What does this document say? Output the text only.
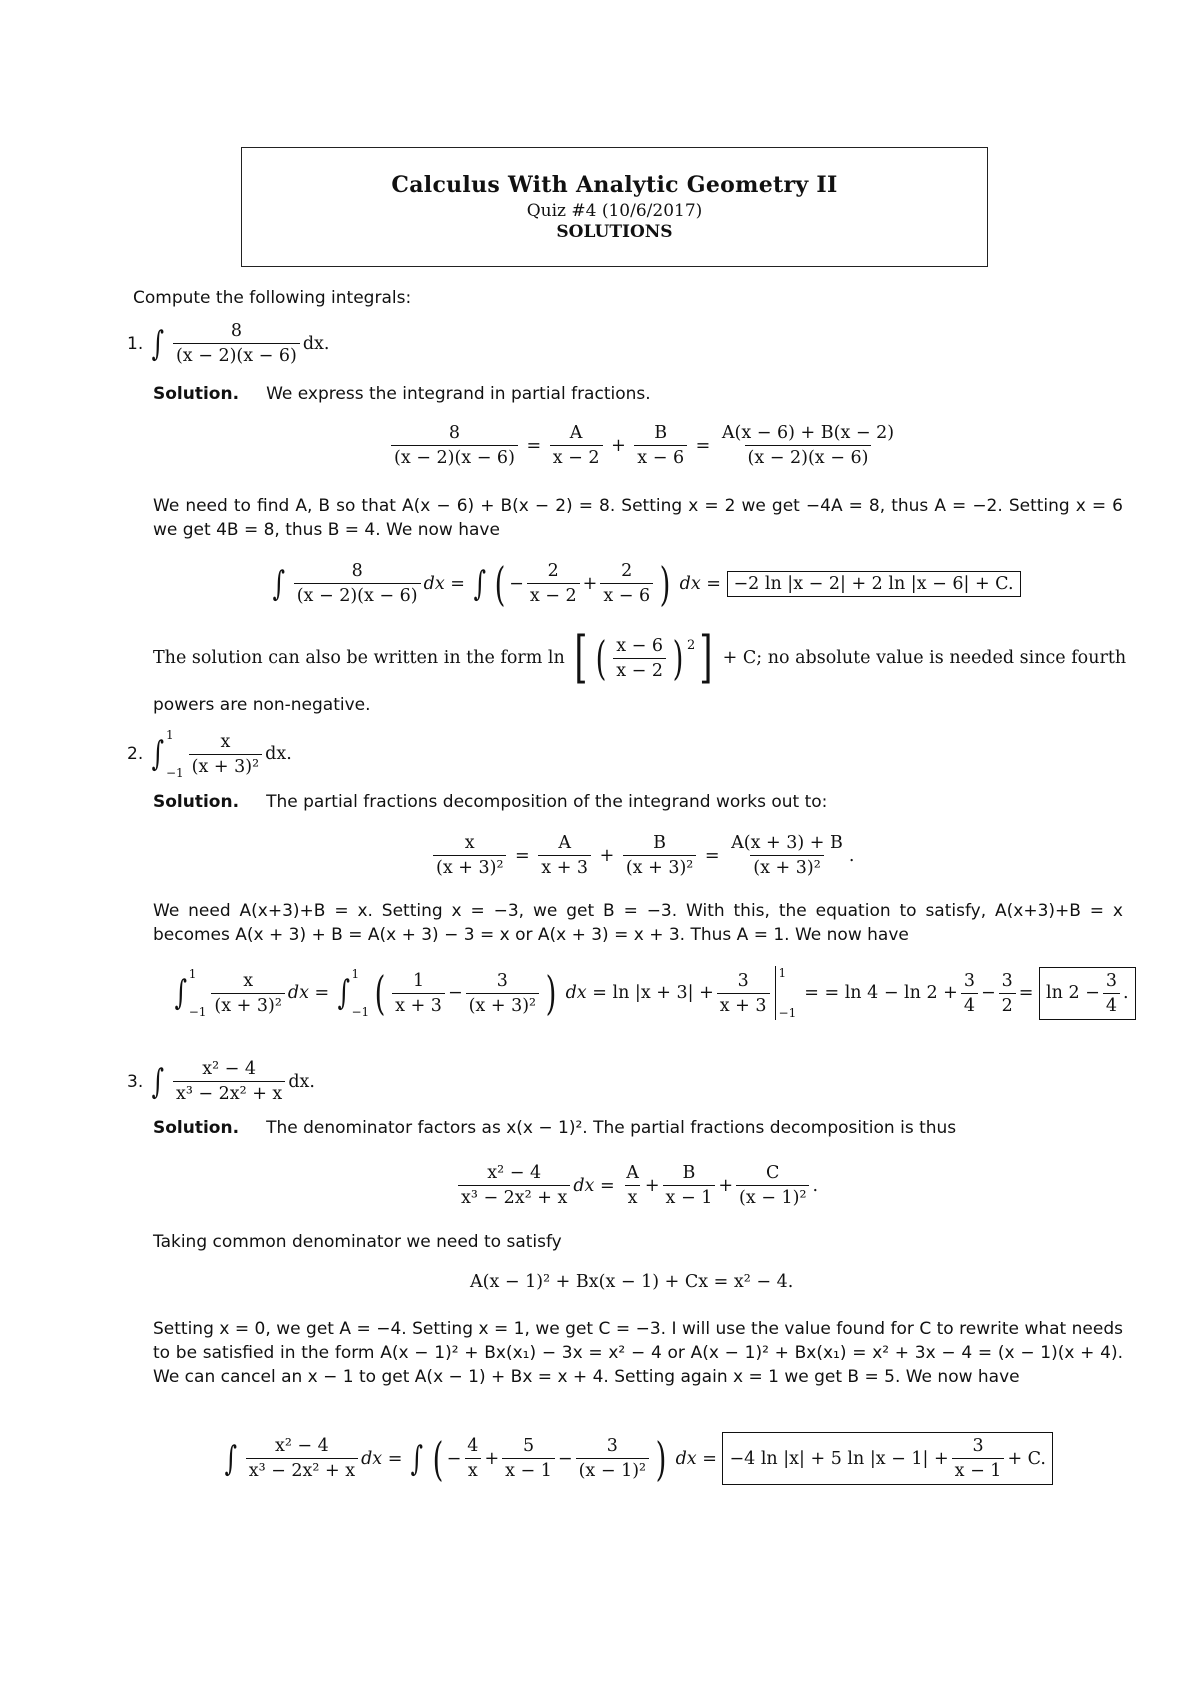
Calculus With Analytic Geometry II
Quiz #4 (10/6/2017)
SOLUTIONS
Compute the following integrals:
1. ∫ $\frac{8}{(x - 2)(x - 6)}$ dx.
Solution. We express the integrand in partial fractions.
$\frac{8}{(x - 2)(x - 6)} = \frac{A}{x - 2} + \frac{B}{x - 6} = \frac{A(x - 6) + B(x - 2)}{(x - 2)(x - 6)}$
We need to find A, B so that A(x − 6) + B(x − 2) = 8. Setting x = 2 we get −4A = 8, thus A = −2. Setting x = 6 we get 4B = 8, thus B = 4. We now have
∫ $\frac{8}{(x - 2)(x - 6)}$ dx = ∫ ( − $\frac{2}{x - 2} + \frac{2}{x - 6}$ )
dx = −2 ln |x − 2| + 2 ln |x − 6| + C.
The solution can also be written in the form ln
[ ( $\frac{x - 6}{x - 2}$ ) $^2$ ]
+ C; no absolute value is needed since fourth
powers are non-negative.
2. ∫ 1
$-1 \frac{x}{\text{(x + 3)²}}$ dx.
Solution. The partial fractions decomposition of the integrand works out to:
$\frac{x}{\text{(x + 3)²}} = \frac{A}{x + 3} + \frac{B}{\text{(x + 3)²}} = \frac{A(x + 3) + B}{\text{(x + 3)²}}$ .
We need A(x+3)+B = x. Setting x = −3, we get B = −3. With this, the equation to satisfy, A(x+3)+B = x becomes A(x + 3) + B = A(x + 3) − 3 = x or A(x + 3) = x + 3. Thus A = 1. We now have
∫ 1
$-1 \frac{x}{\text{(x + 3)²}}$ dx = ∫ 1
−1 ( $\frac{1}{x + 3} - \frac{3}{\text{(x + 3)²}}$ )
dx
= $\ln |x + 3| + \frac{3}{x + 3} 1$
−1
= = $\ln 4 - \ln 2 + \frac{3}{4} - \frac{3}{2} = \ln 2 - \frac{3}{4}$ .
3. ∫ $\frac{\text{x² − 4}}{\text{x³ − 2x² + x}}$ dx.
Solution. The denominator factors as x(x − 1)². The partial fractions decomposition is thus
$\frac{\text{x² − 4}}{\text{x³ − 2x² + x}}$ dx = $\frac{A}{x} + \frac{B}{x - 1} + \frac{C}{\text{(x − 1)²}}$ .
Taking common denominator we need to satisfy
A(x − 1)² + Bx(x − 1) + Cx = x² − 4.
Setting x = 0, we get A = −4. Setting x = 1, we get C = −3. I will use the value found for C to rewrite what needs to be satisfied in the form A(x − 1)² + Bx(x₁) − 3x = x² − 4 or A(x − 1)² + Bx(x₁) = x² + 3x − 4 = (x − 1)(x + 4). We can cancel an x − 1 to get A(x − 1) + Bx = x + 4. Setting again x = 1 we get B = 5. We now have
∫ $\frac{\text{x² − 4}}{\text{x³ − 2x² + x}}$ dx = ∫ ( − $\frac{4}{x} + \frac{5}{x - 1} - \frac{3}{\text{(x − 1)²}}$ )
dx = −4 ln |x| + 5 $\ln |x - 1| + \frac{3}{x - 1} + C$.
